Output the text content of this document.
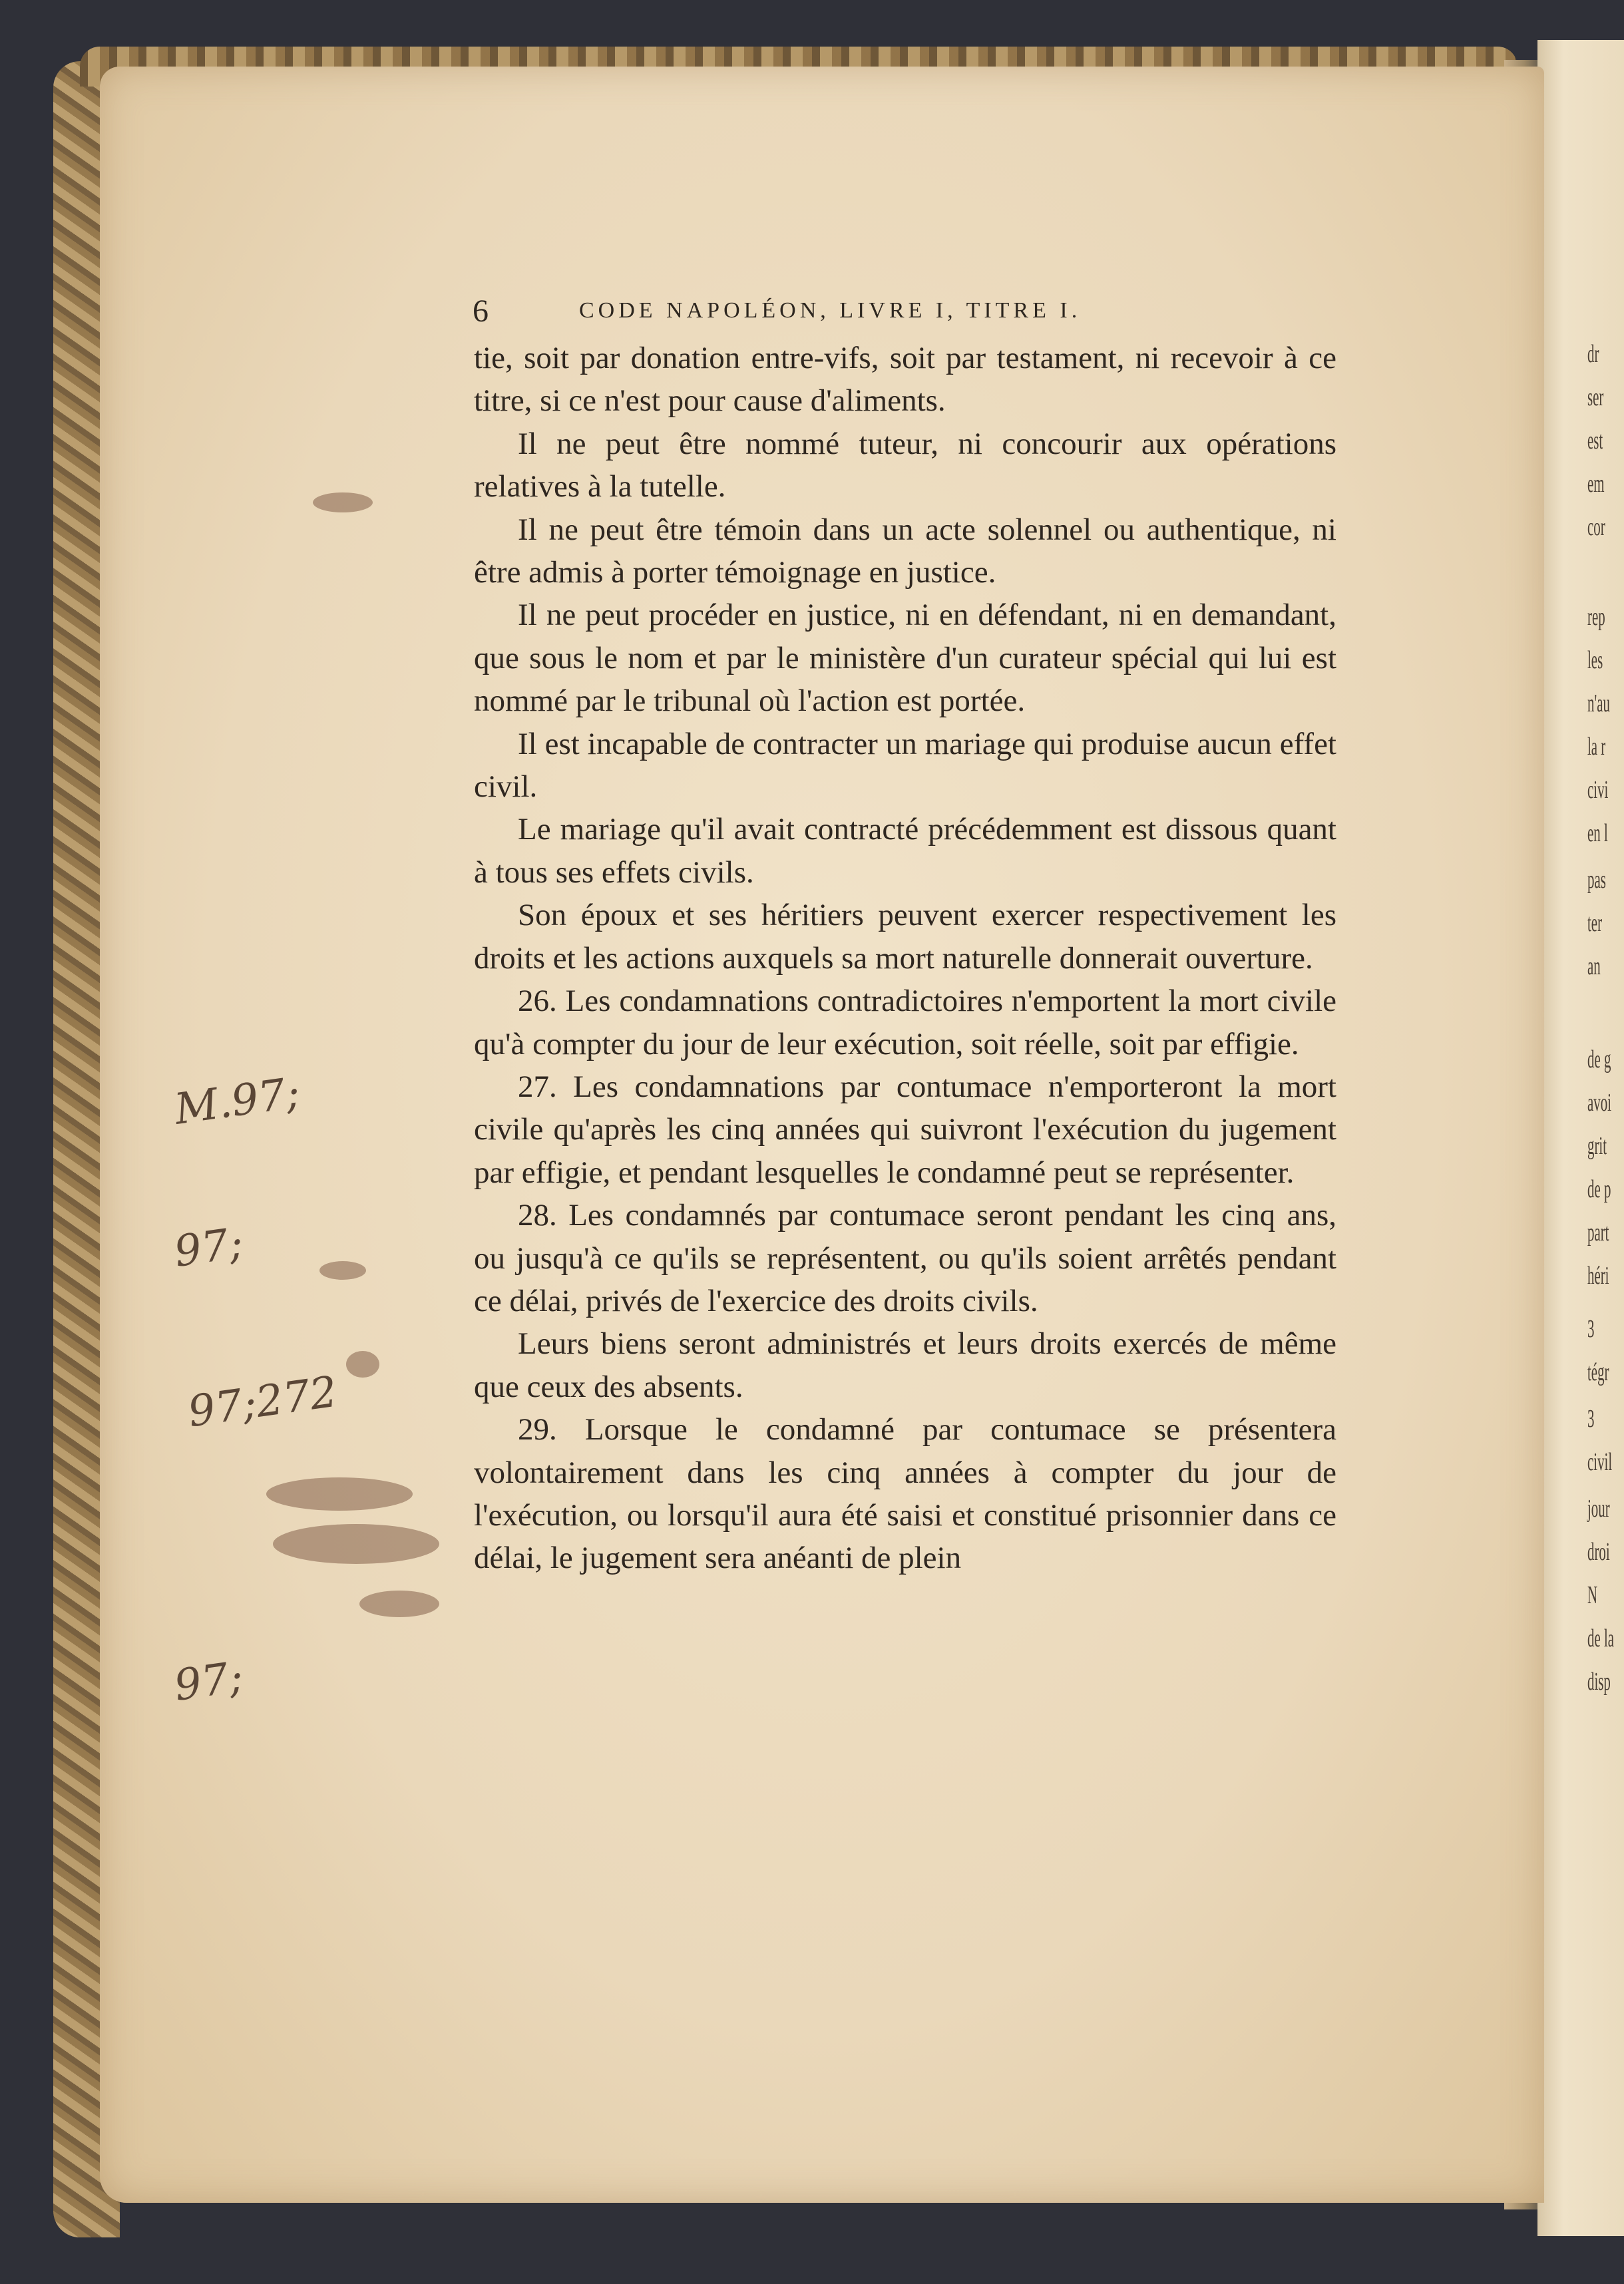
6	CODE NAPOLÉON, LIVRE I, TITRE I.

tie, soit par donation entre-vifs, soit par testament, ni recevoir à ce titre, si ce n'est pour cause d'aliments.

Il ne peut être nommé tuteur, ni concourir aux opérations relatives à la tutelle.

Il ne peut être témoin dans un acte solennel ou authentique, ni être admis à porter témoignage en justice.

Il ne peut procéder en justice, ni en défendant, ni en demandant, que sous le nom et par le ministère d'un curateur spécial qui lui est nommé par le tribunal où l'action est portée.

Il est incapable de contracter un mariage qui produise aucun effet civil.

Le mariage qu'il avait contracté précédemment est dissous quant à tous ses effets civils.

Son époux et ses héritiers peuvent exercer respectivement les droits et les actions auxquels sa mort naturelle donnerait ouverture.

26. Les condamnations contradictoires n'emportent la mort civile qu'à compter du jour de leur exécution, soit réelle, soit par effigie.

27. Les condamnations par contumace n'emporteront la mort civile qu'après les cinq années qui suivront l'exécution du jugement par effigie, et pendant lesquelles le condamné peut se représenter.

28. Les condamnés par contumace seront pendant les cinq ans, ou jusqu'à ce qu'ils se représentent, ou qu'ils soient arrêtés pendant ce délai, privés de l'exercice des droits civils.

Leurs biens seront administrés et leurs droits exercés de même que ceux des absents.

29. Lorsque le condamné par contumace se présentera volontairement dans les cinq années à compter du jour de l'exécution, ou lorsqu'il aura été saisi et constitué prisonnier dans ce délai, le jugement sera anéanti de plein

M.97;
97;
97;272
97;
dr
ser
est
em
cor
rep
les
n'au
la r
civi
en l
pas
ter
an
de g
avoi
grit
de p
part
héri
3
tégr
3
civil
jour
droi
N
de la
disp
